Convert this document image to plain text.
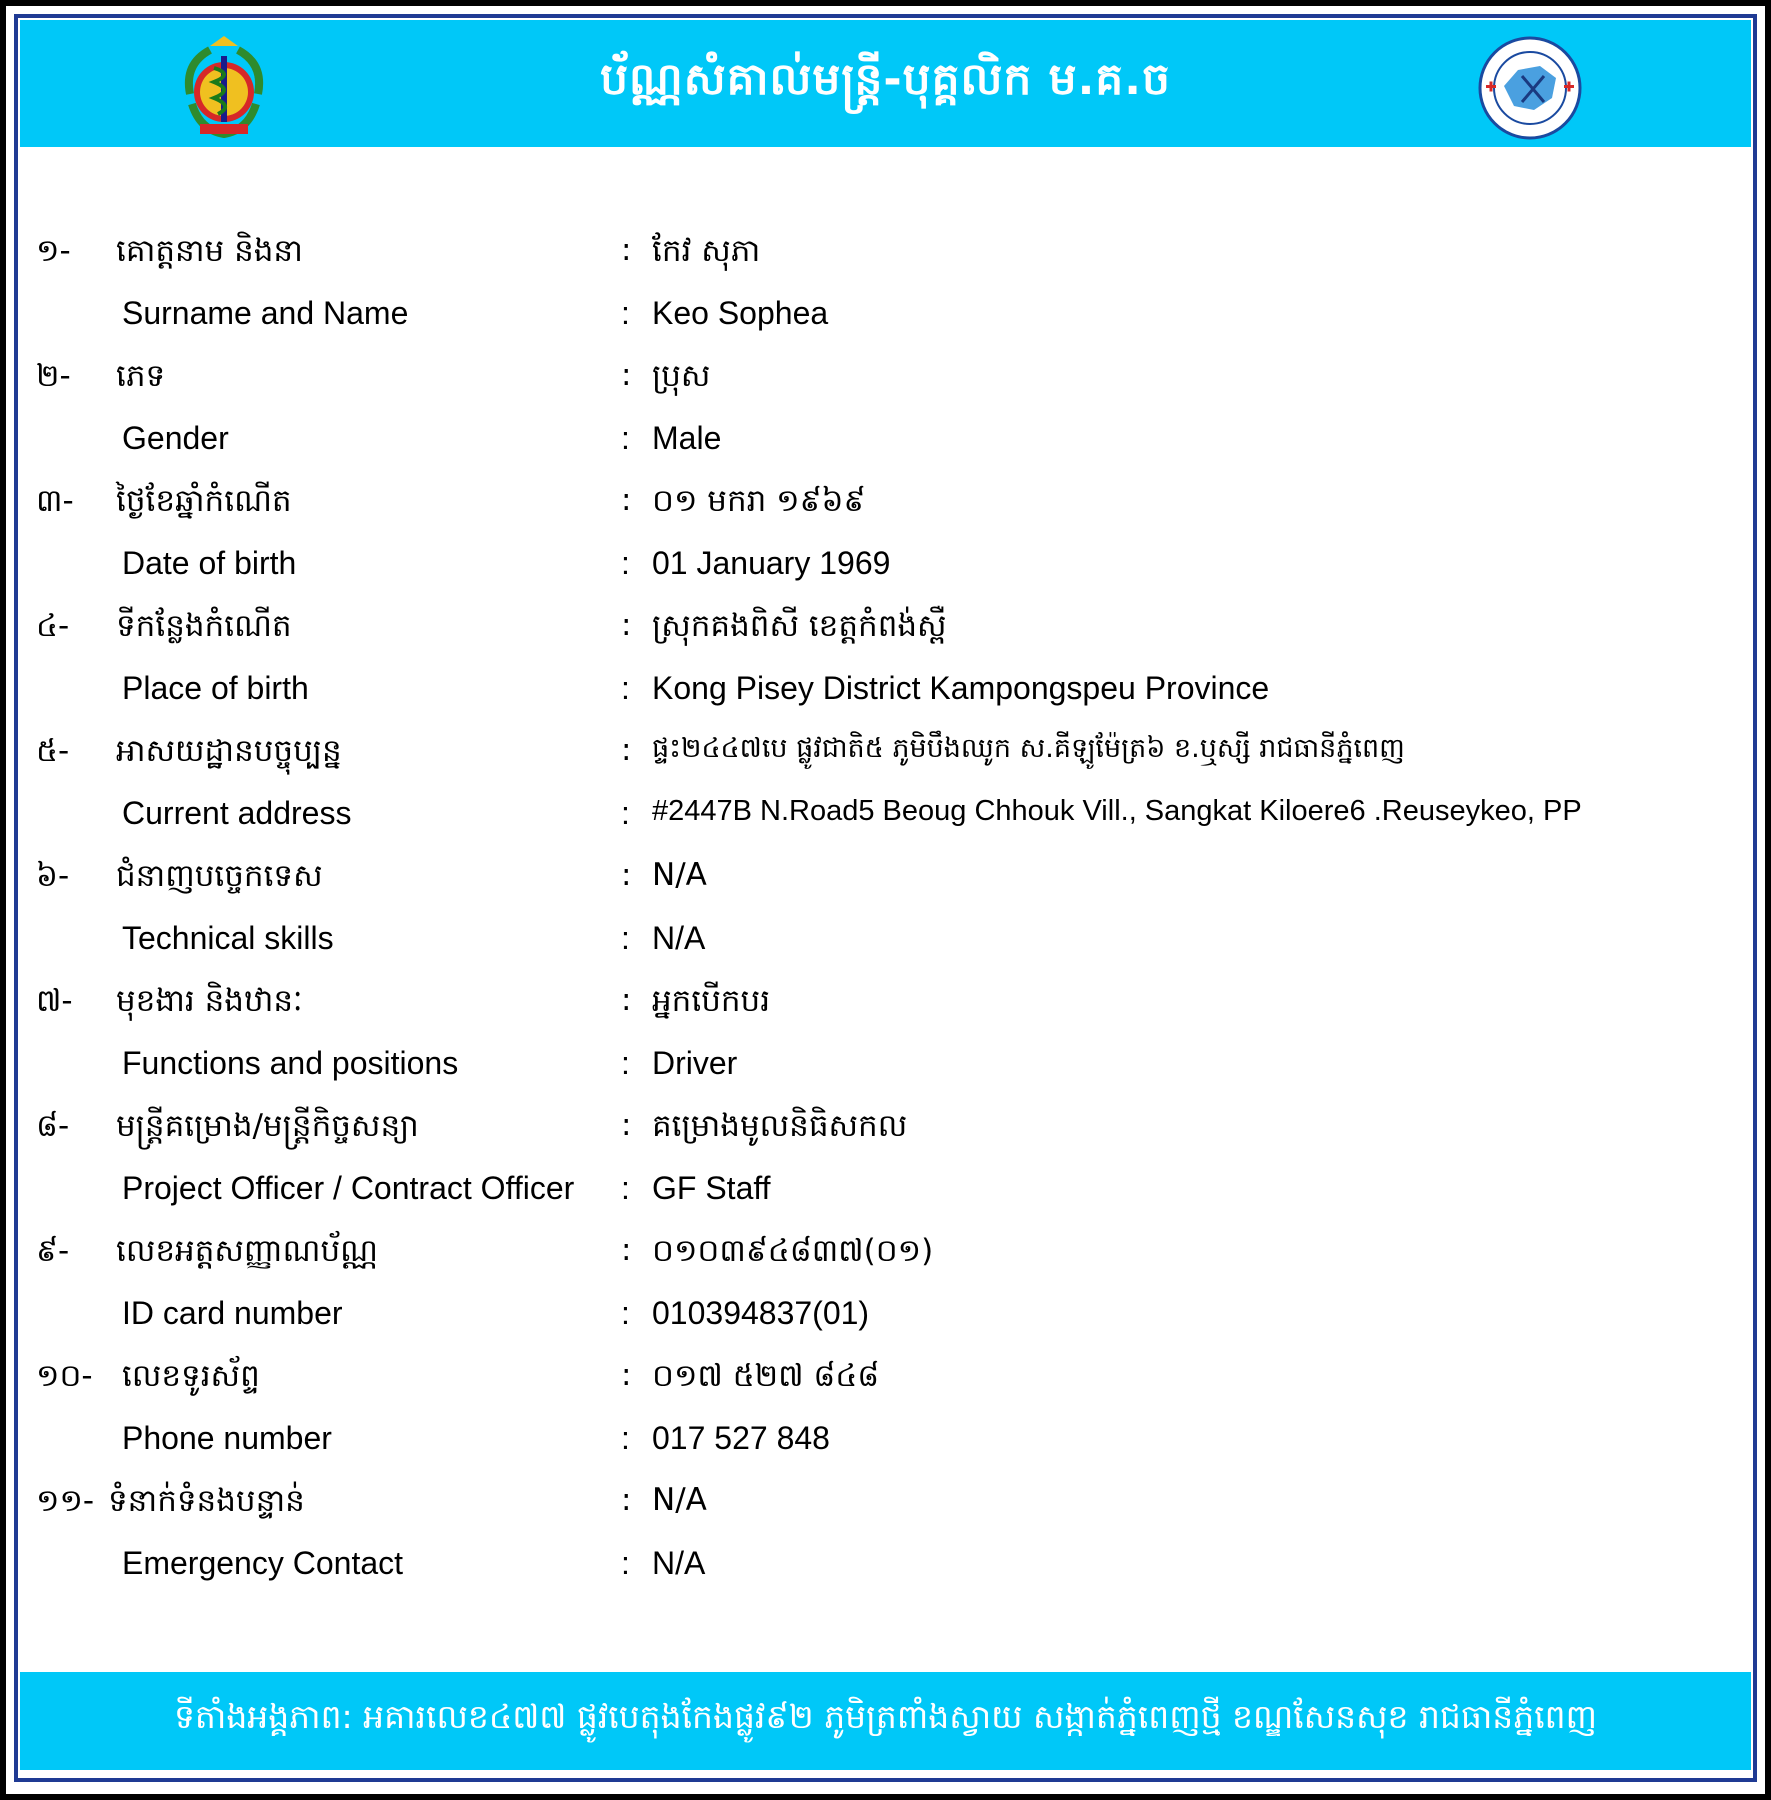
ប័ណ្ណសំគាល់មន្រ្តី-បុគ្គលិក ម.គ.ច
១- គោត្តនាម និងនា	: កែវ សុភា
Surname and Name	: Keo Sophea
២- ភេទ	: ប្រុស
Gender	: Male
៣- ថ្ងៃខែឆ្នាំកំណើត	: ០១ មករា ១៩៦៩
Date of birth	: 01 January 1969
៤- ទីកន្លែងកំណើត	: ស្រុកគងពិសី ខេត្តកំពង់ស្ពឺ
Place of birth	: Kong Pisey District Kampongspeu Province
៥- អាសយដ្ឋានបច្ចុប្បន្ន	: ផ្ទះ២៤៤៧បេ ផ្លូវជាតិ៥ ភូមិបឹងឈូក ស.គីឡូម៉ែត្រ៦ ខ.ឬស្សី រាជធានីភ្នំពេញ
Current address	: #2447B N.Road5 Beoug Chhouk Vill., Sangkat Kiloere6 .Reuseykeo, PP
៦- ជំនាញបច្ចេកទេស	: N/A
Technical skills	: N/A
៧- មុខងារ និងឋានៈ	: អ្នកបើកបរ
Functions and positions	: Driver
៨- មន្រ្តីគម្រោង/មន្រ្តីកិច្ចសន្យា	: គម្រោងមូលនិធិសកល
Project Officer / Contract Officer : GF Staff
៩- លេខអត្តសញ្ញាណប័ណ្ណ	: ០១០៣៩៤៨៣៧(០១)
ID card number	: 010394837(01)
១០- លេខទូរស័ព្ទ	: ០១៧ ៥២៧ ៨៤៨
Phone number	: 017 527 848
១១- ទំនាក់ទំនងបន្ទាន់	: N/A
Emergency Contact	: N/A
ទីតាំងអង្គភាព: អគារលេខ៤៧៧ ផ្លូវបេតុងកែងផ្លូវ៩២ ភូមិត្រពាំងស្វាយ សង្កាត់ភ្នំពេញថ្មី ខណ្ឌសែនសុខ រាជធានីភ្នំពេញ
